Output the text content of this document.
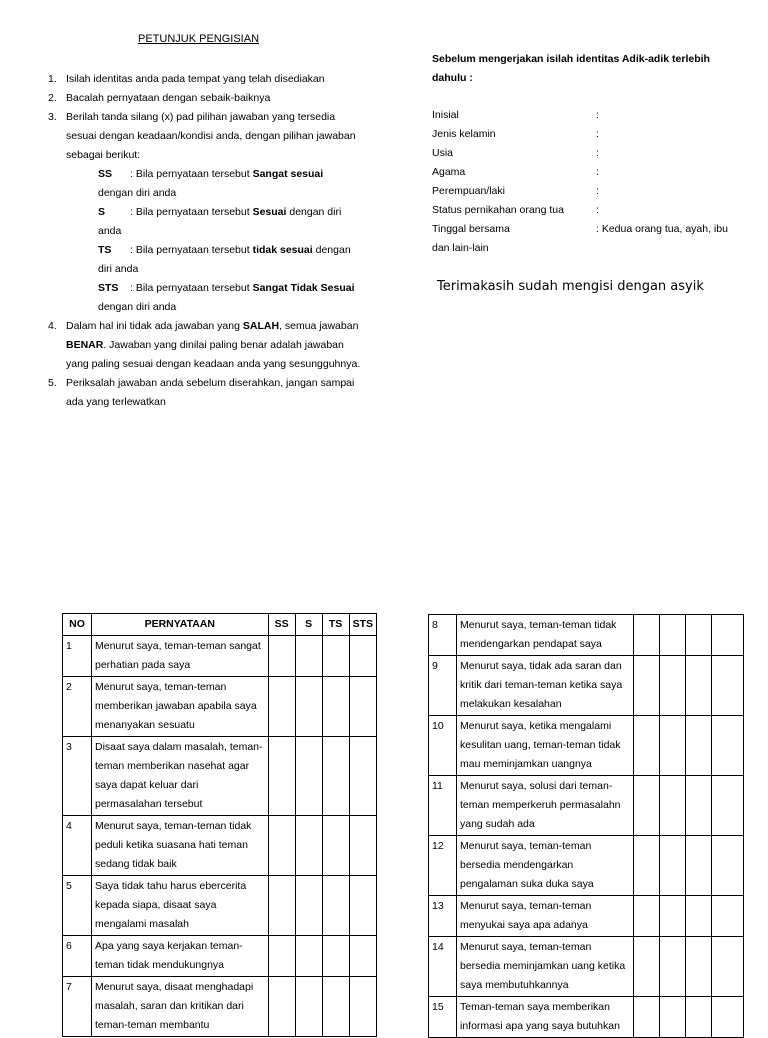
PETUNJUK PENGISIAN
1. Isilah identitas anda pada tempat yang telah disediakan
2. Bacalah pernyataan dengan sebaik-baiknya
3. Berilah tanda silang (x) pad pilihan jawaban yang tersedia sesuai dengan keadaan/kondisi anda, dengan pilihan jawaban sebagai berikut:
SS : Bila pernyataan tersebut Sangat sesuai
dengan diri anda
S : Bila pernyataan tersebut Sesuai dengan diri
anda
TS : Bila pernyataan tersebut tidak sesuai dengan
diri anda
STS : Bila pernyataan tersebut Sangat Tidak Sesuai
dengan diri anda
4. Dalam hal ini tidak ada jawaban yang SALAH, semua jawaban BENAR. Jawaban yang dinilai paling benar adalah jawaban yang paling sesuai dengan keadaan anda yang sesungguhnya.
5. Periksalah jawaban anda sebelum diserahkan, jangan sampai ada yang terlewatkan
Sebelum mengerjakan isilah identitas Adik-adik terlebih dahulu :
Inisial	:
Jenis kelamin	:
Usia	:
Agama	:
Perempuan/laki	:
Status pernikahan orang tua	:
Tinggal bersama	: Kedua orang tua, ayah, ibu
dan lain-lain
Terimakasih sudah mengisi dengan asyik
NO	PERNYATAAN	SS	S	TS	STS
1	Menurut saya, teman-teman sangat perhatian pada saya				
2	Menurut saya, teman-teman memberikan jawaban apabila saya menanyakan sesuatu				
3	Disaat saya dalam masalah, teman-teman memberikan nasehat agar saya dapat keluar dari permasalahan tersebut				
4	Menurut saya, teman-teman tidak peduli ketika suasana hati teman sedang tidak baik				
5	Saya tidak tahu harus ebercerita kepada siapa, disaat saya mengalami masalah				
6	Apa yang saya kerjakan teman-teman tidak mendukungnya				
7	Menurut saya, disaat menghadapi masalah, saran dan kritikan dari teman-teman membantu				
8	Menurut saya, teman-teman tidak mendengarkan pendapat saya				
9	Menurut saya, tidak ada saran dan kritik dari teman-teman ketika saya melakukan kesalahan				
10	Menurut saya, ketika mengalami kesulitan uang, teman-teman tidak mau meminjamkan uangnya				
11	Menurut saya, solusi dari teman-teman memperkeruh permasalahn yang sudah ada				
12	Menurut saya, teman-teman bersedia mendengarkan pengalaman suka duka saya				
13	Menurut saya, teman-teman menyukai saya apa adanya				
14	Menurut saya, teman-teman bersedia meminjamkan uang ketika saya membutuhkannya				
15	Teman-teman saya memberikan informasi apa yang saya butuhkan				
